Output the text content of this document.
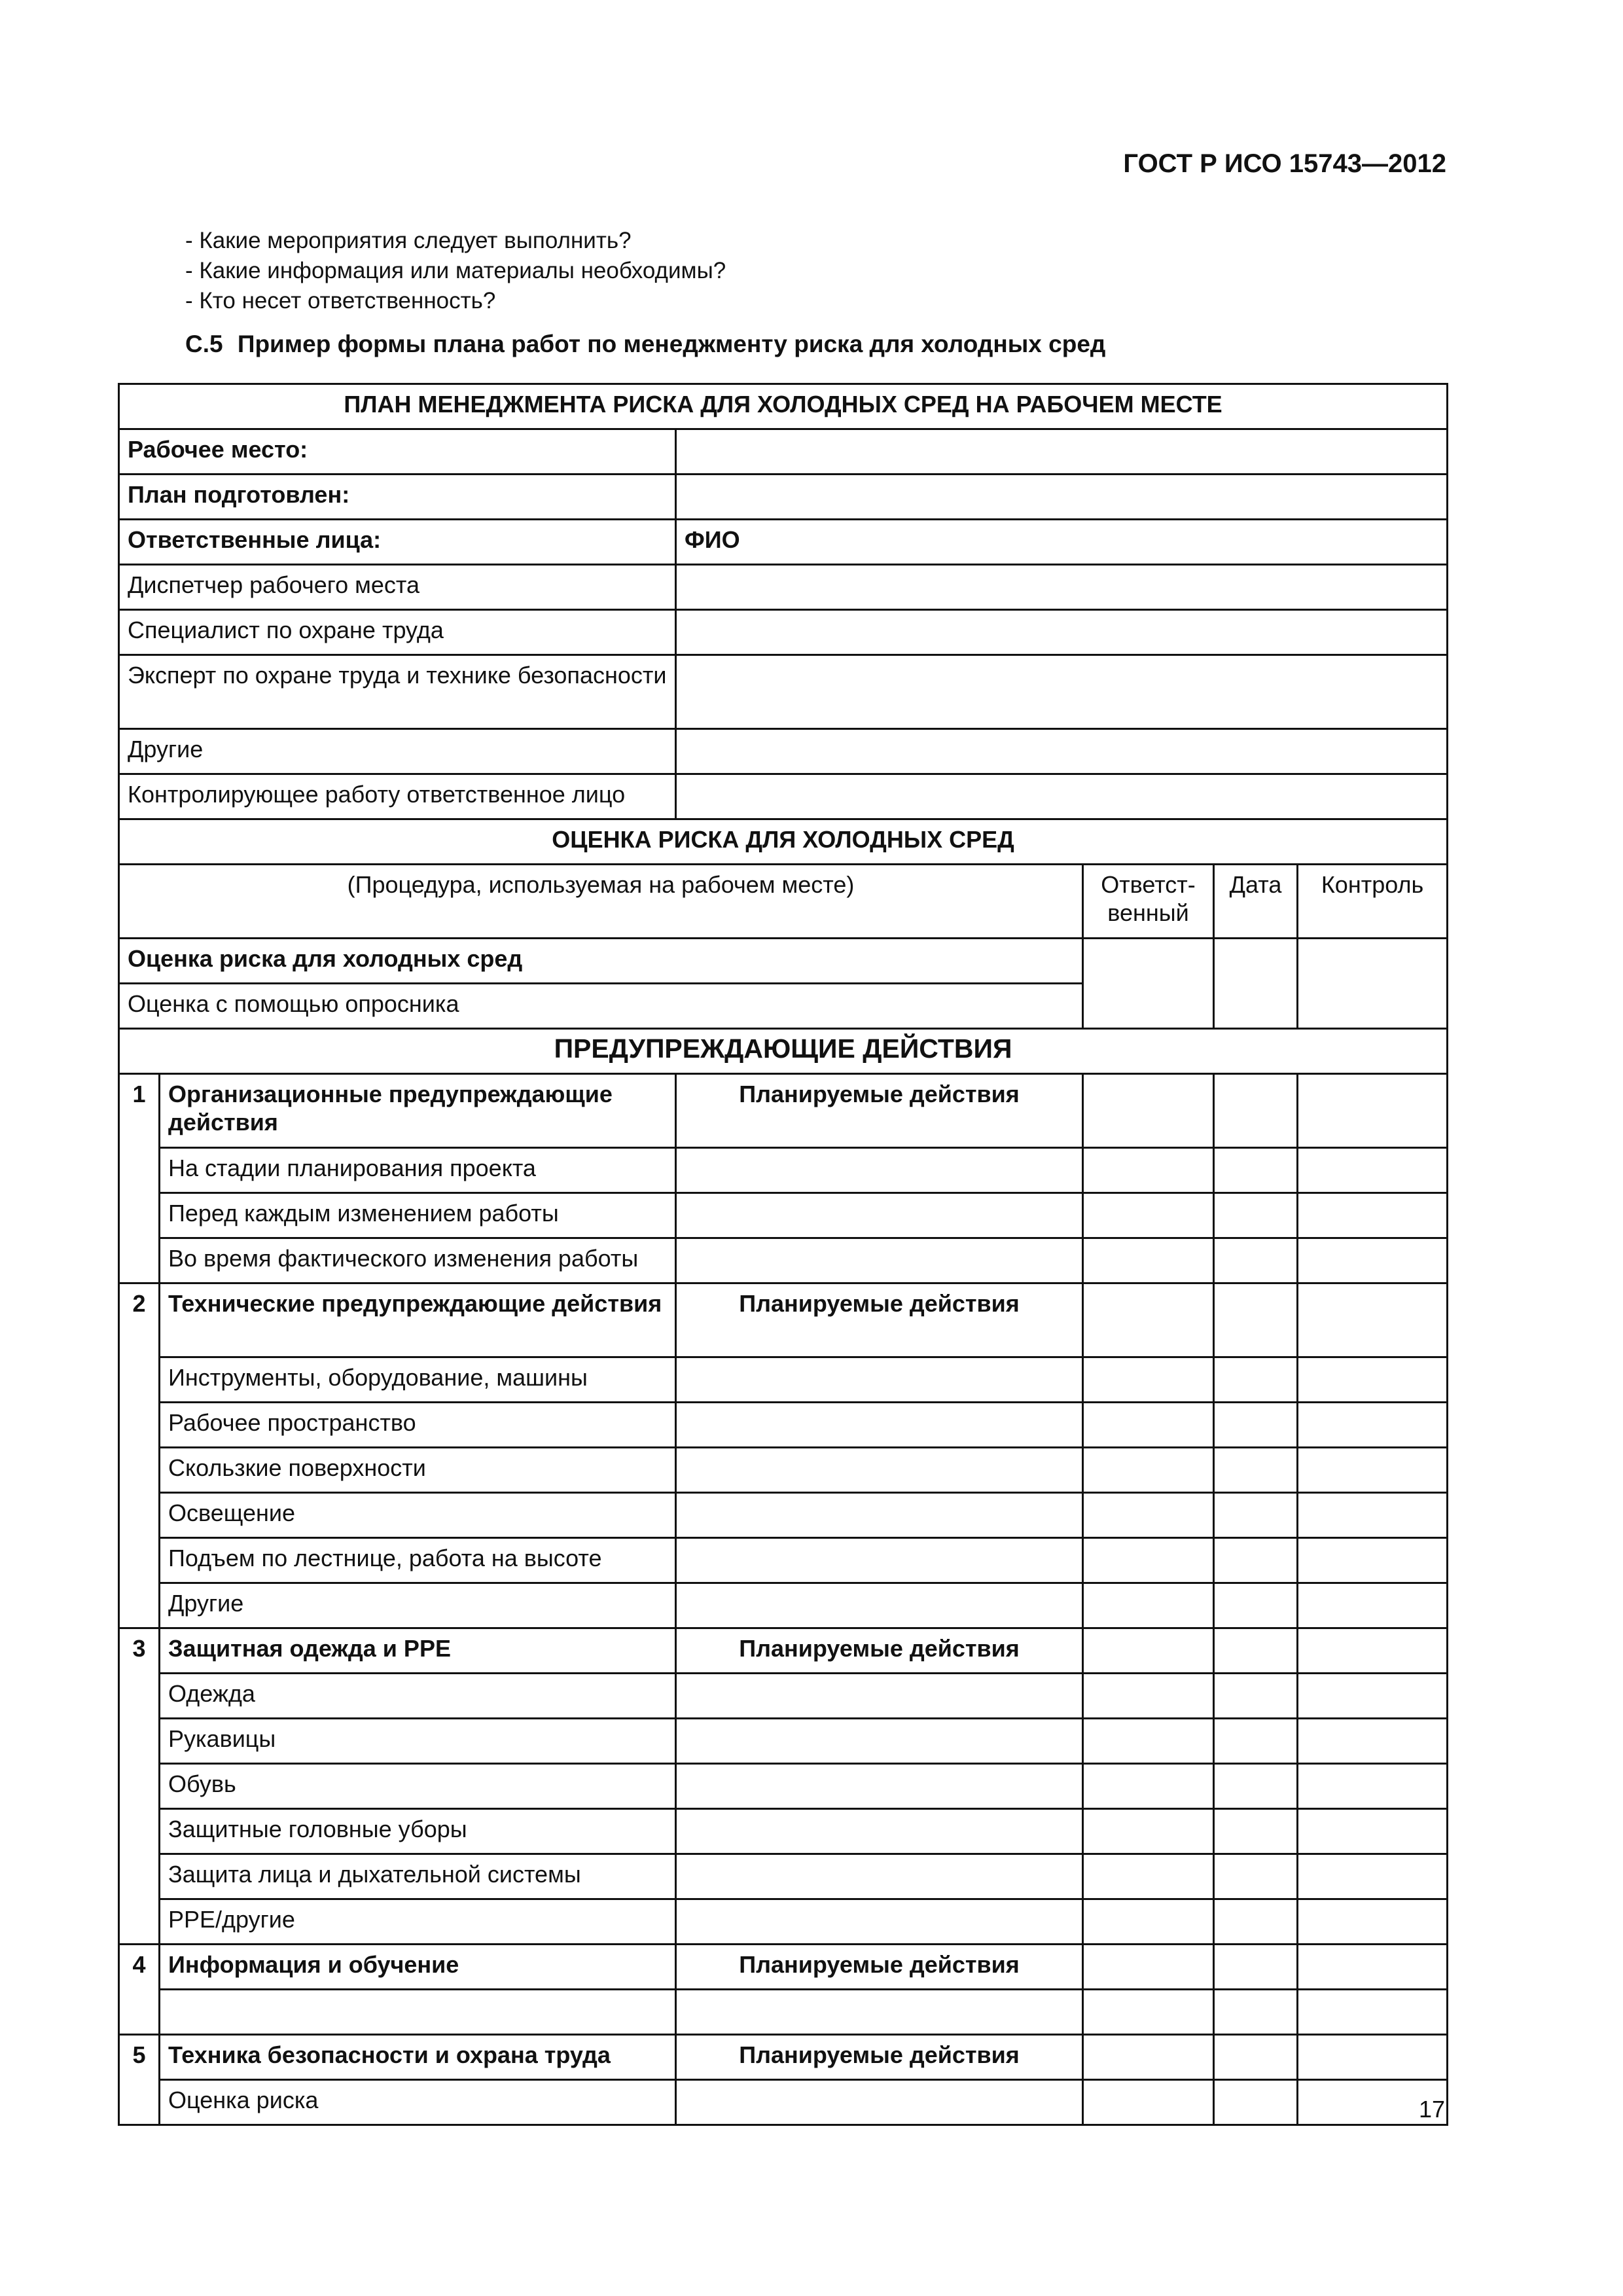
ГОСТ Р ИСО 15743—2012
- Какие мероприятия следует выполнить?
- Какие информация или материалы необходимы?
- Кто несет ответственность?
С.5 Пример формы плана работ по менеджменту риска для холодных сред
ПЛАН МЕНЕДЖМЕНТА РИСКА ДЛЯ ХОЛОДНЫХ СРЕД НА РАБОЧЕМ МЕСТЕ					
Рабочее место:					
План подготовлен:					
Ответственные лица:		ФИО			
Диспетчер рабочего места					
Специалист по охране труда					
Эксперт по охране труда и технике безопасности					
Другие					
Контролирующее работу ответственное лицо					
ОЦЕНКА РИСКА ДЛЯ ХОЛОДНЫХ СРЕД					
(Процедура, используемая на рабочем месте)			Ответст-венный	Дата	Контроль
Оценка риска для холодных сред					
Оценка с помощью опросника					
ПРЕДУПРЕЖДАЮЩИЕ ДЕЙСТВИЯ					
1	Организационные предупреждающие действия	Планируемые действия			
	На стадии планирования проекта				
	Перед каждым изменением работы				
	Во время фактического изменения работы				
2	Технические предупреждающие действия	Планируемые действия			
	Инструменты, оборудование, машины				
	Рабочее пространство				
	Скользкие поверхности				
	Освещение				
	Подъем по лестнице, работа на высоте				
	Другие				
3	Защитная одежда и PPE	Планируемые действия			
	Одежда				
	Рукавицы				
	Обувь				
	Защитные головные уборы				
	Защита лица и дыхательной системы				
	PPE/другие				
4	Информация и обучение	Планируемые действия			

5	Техника безопасности и охрана труда	Планируемые действия			
	Оценка риска					17
